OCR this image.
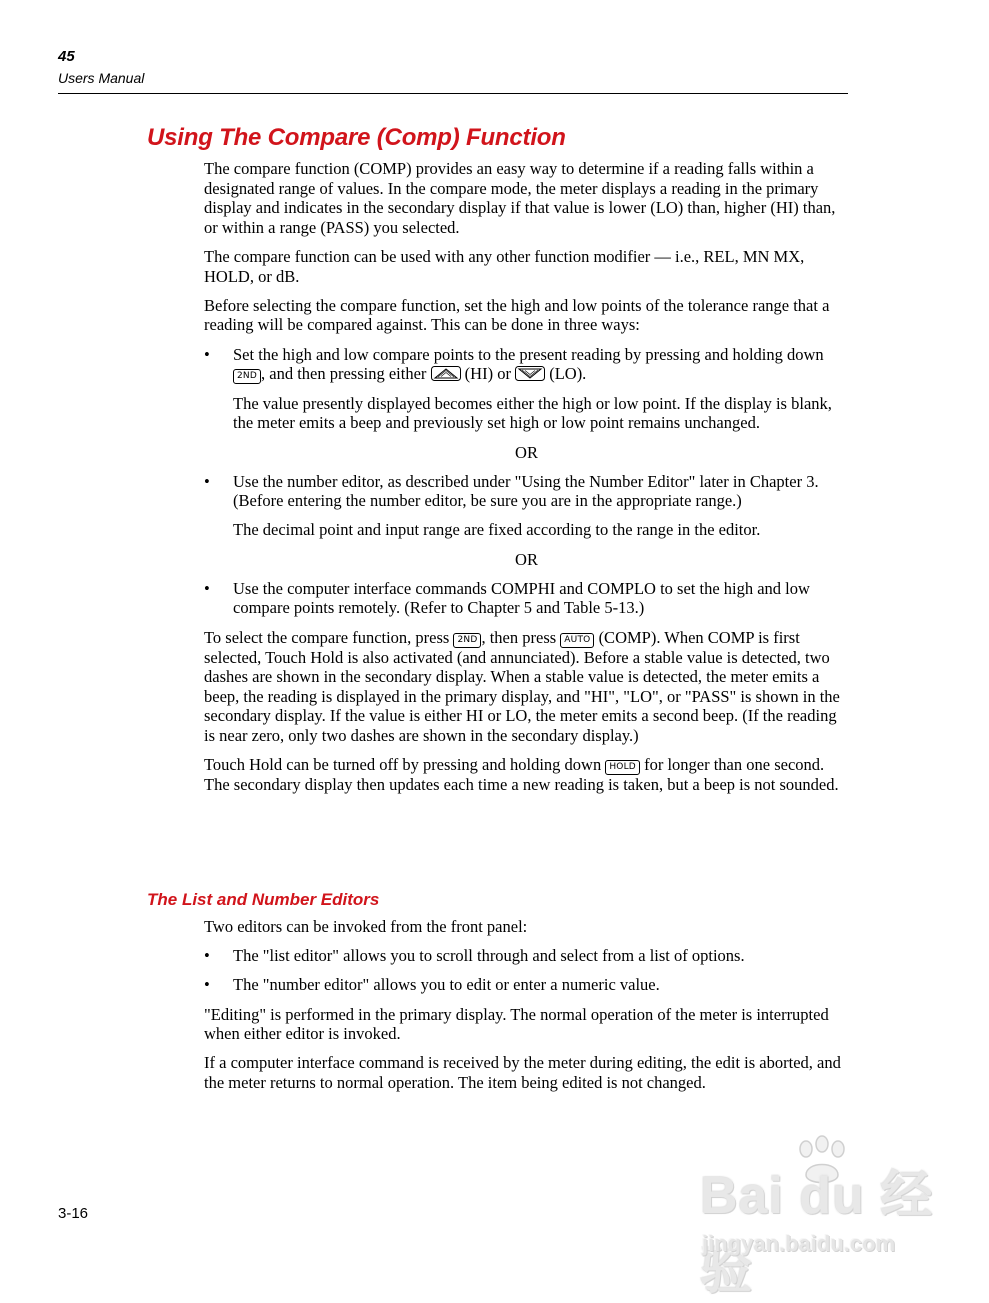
45
Users Manual
Using The Compare (Comp) Function

The compare function (COMP) provides an easy way to determine if a reading falls within a designated range of values. In the compare mode, the meter displays a reading in the primary display and indicates in the secondary display if that value is lower (LO) than, higher (HI) than, or within a range (PASS) you selected.

The compare function can be used with any other function modifier — i.e., REL, MN MX, HOLD, or dB.

Before selecting the compare function, set the high and low points of the tolerance range that a reading will be compared against. This can be done in three ways:

• Set the high and low compare points to the present reading by pressing and holding down 2ND , and then pressing either (HI) or (LO).

The value presently displayed becomes either the high or low point. If the display is blank, the meter emits a beep and previously set high or low point remains unchanged.

OR

• Use the number editor, as described under "Using the Number Editor" later in Chapter 3. (Before entering the number editor, be sure you are in the appropriate range.)

The decimal point and input range are fixed according to the range in the editor.

OR

• Use the computer interface commands COMPHI and COMPLO to set the high and low compare points remotely. (Refer to Chapter 5 and Table 5-13.)

To select the compare function, press 2ND , then press AUTO (COMP). When COMP is first selected, Touch Hold is also activated (and annunciated). Before a stable value is detected, two dashes are shown in the secondary display. When a stable value is detected, the meter emits a beep, the reading is displayed in the primary display, and "HI", "LO", or "PASS" is shown in the secondary display. If the value is either HI or LO, the meter emits a second beep. (If the reading is near zero, only two dashes are shown in the secondary display.)

Touch Hold can be turned off by pressing and holding down HOLD for longer than one second. The secondary display then updates each time a new reading is taken, but a beep is not sounded.

The List and Number Editors

Two editors can be invoked from the front panel:

• The "list editor" allows you to scroll through and select from a list of options.

• The "number editor" allows you to edit or enter a numeric value.

"Editing" is performed in the primary display. The normal operation of the meter is interrupted when either editor is invoked.

If a computer interface command is received by the meter during editing, the edit is aborted, and the meter returns to normal operation. The item being edited is not changed.

3-16	Bai du 经验
jingyan.baidu.com
